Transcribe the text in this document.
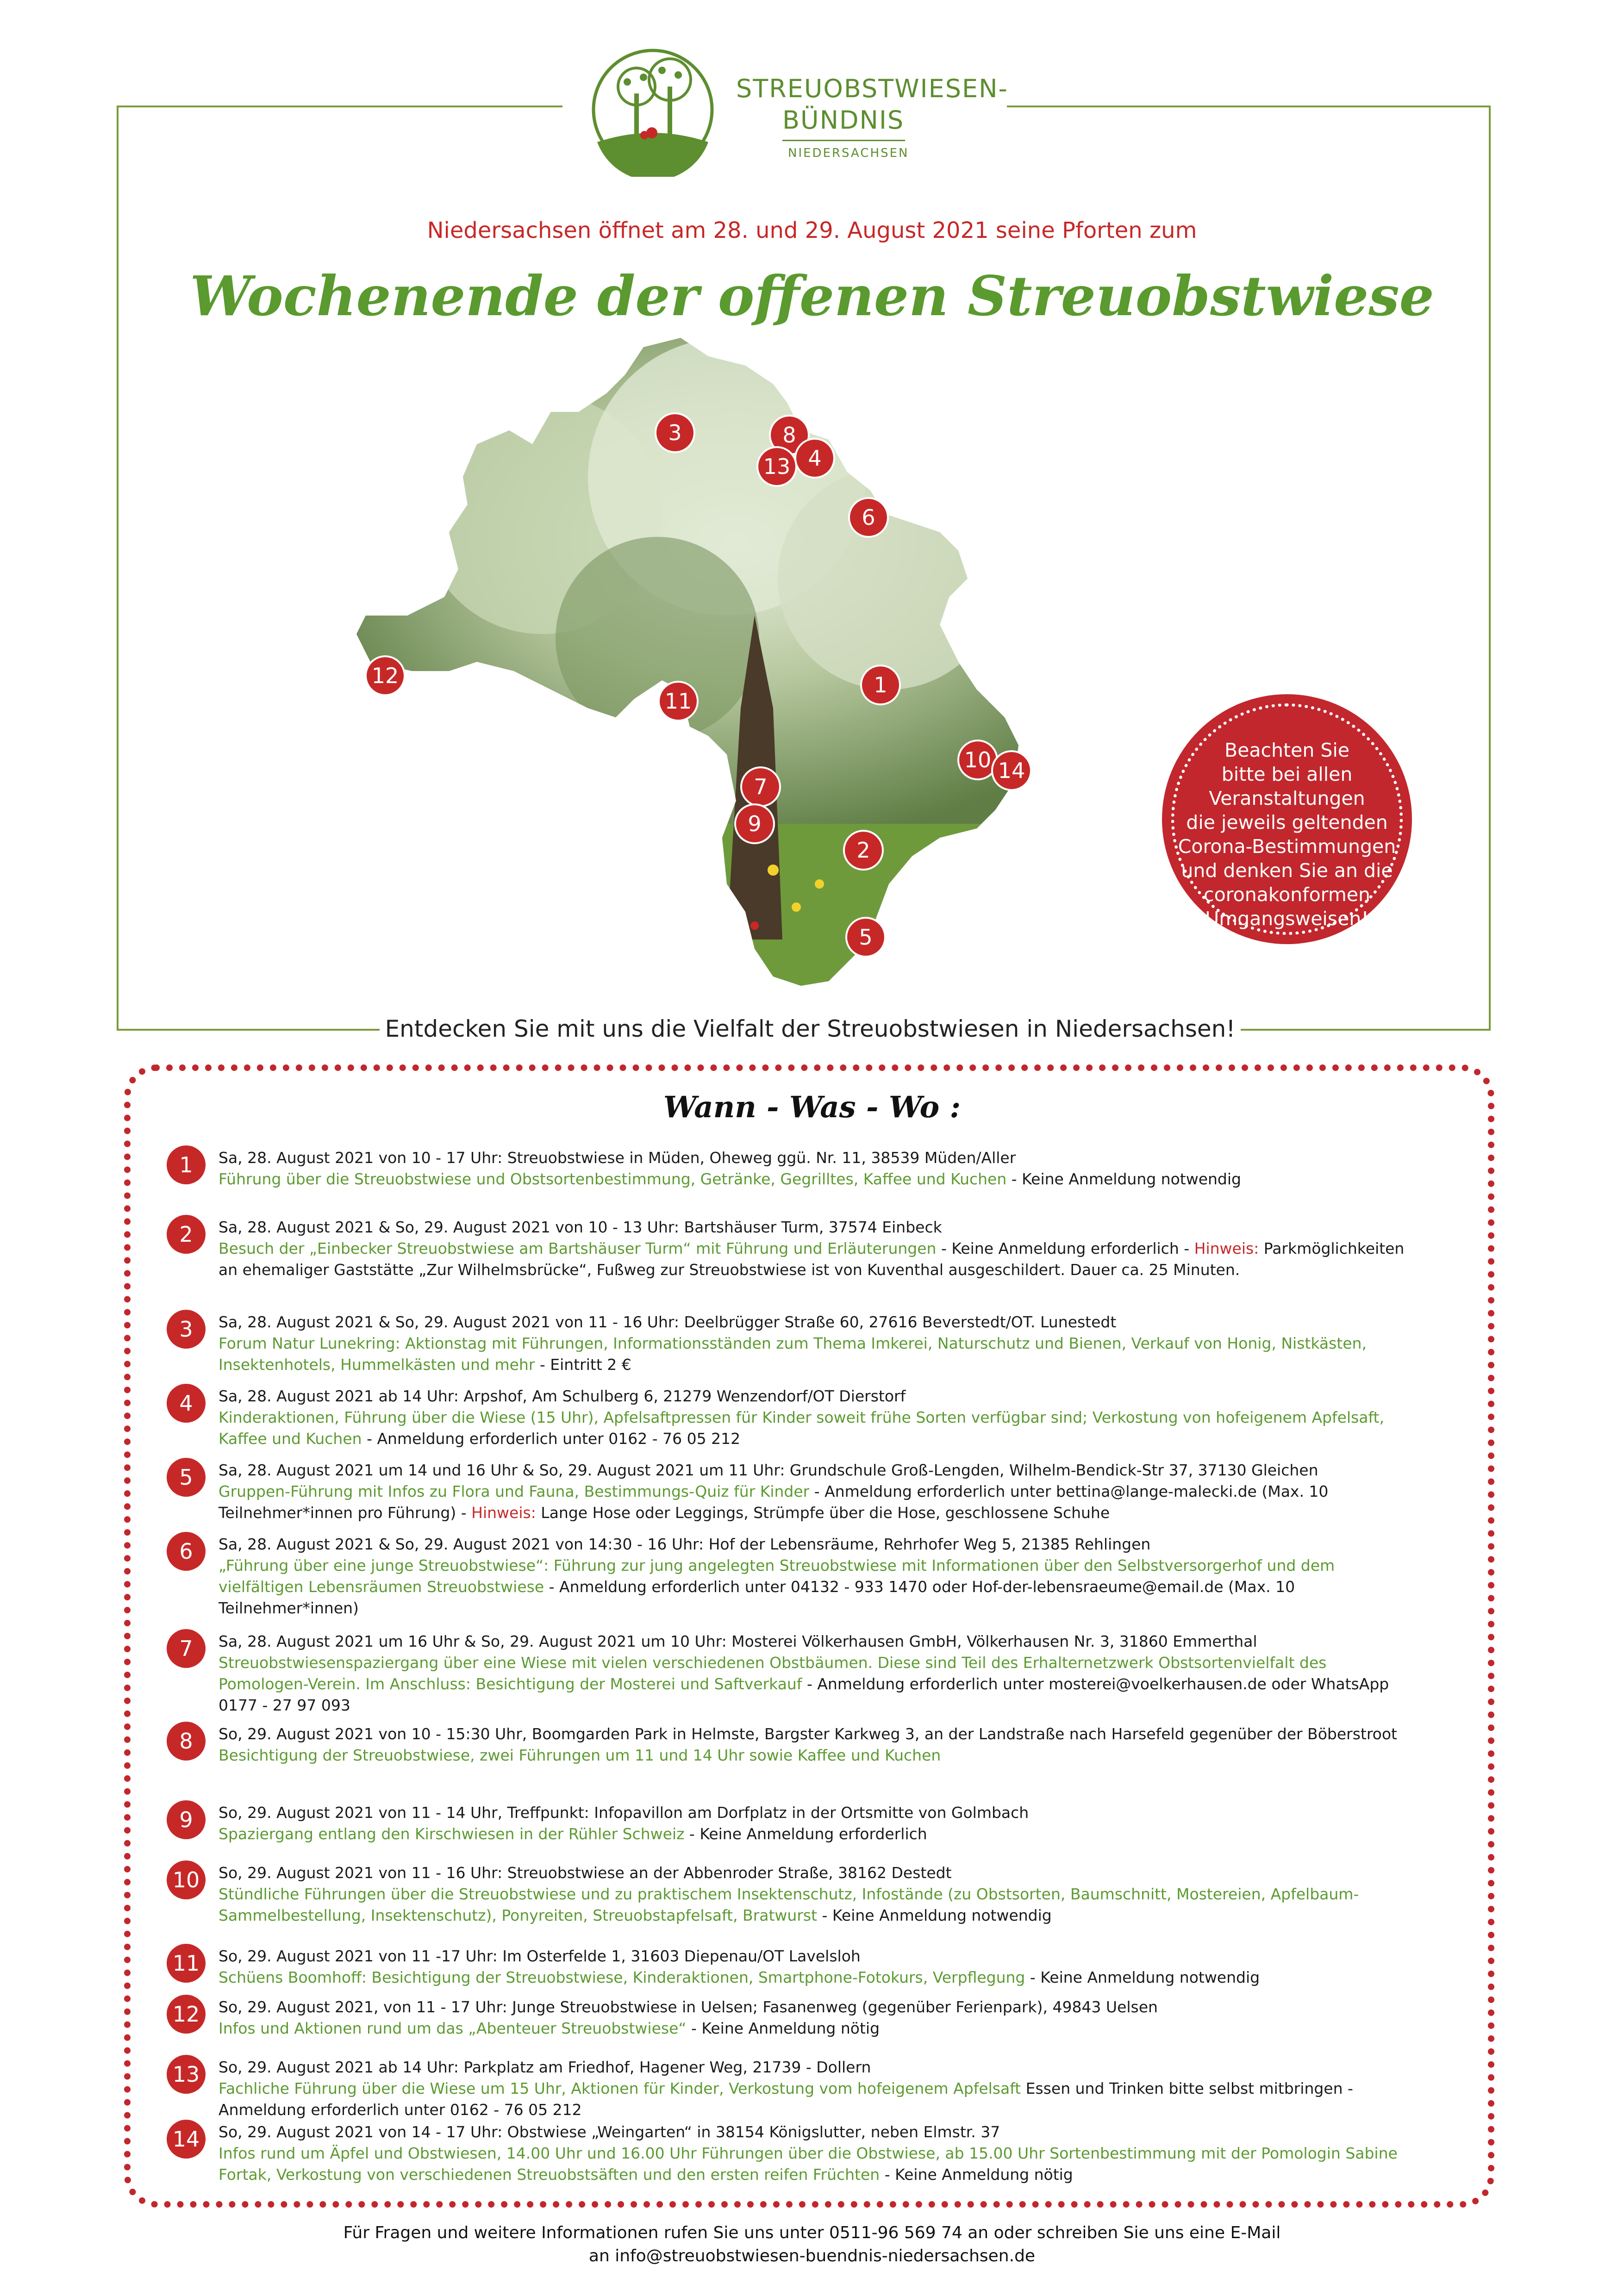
STREUOBSTWIESEN-
BÜNDNIS
NIEDERSACHSEN
Niedersachsen öffnet am 28. und 29. August 2021 seine Pforten zum
Wochenende der offenen Streuobstwiese
3	8
13 4
6
12
11
1
10 14
7
9
2
5
Beachten Sie
bitte bei allen
Veranstaltungen
die jeweils geltenden
Corona-Bestimmungen
und denken Sie an die
coronakonformen
Umgangsweisen!
Entdecken Sie mit uns die Vielfalt der Streuobstwiesen in Niedersachsen!
Wann - Was - Wo :
1	Sa, 28. August 2021 von 10 - 17 Uhr: Streuobstwiese in Müden, Oheweg ggü. Nr. 11, 38539 Müden/Aller
Führung über die Streuobstwiese und Obstsortenbestimmung, Getränke, Gegrilltes, Kaffee und Kuchen - Keine Anmeldung notwendig
2	Sa, 28. August 2021 & So, 29. August 2021 von 10 - 13 Uhr: Bartshäuser Turm, 37574 Einbeck
Besuch der „Einbecker Streuobstwiese am Bartshäuser Turm“ mit Führung und Erläuterungen - Keine Anmeldung erforderlich - Hinweis: Parkmöglichkeiten an ehemaliger Gaststätte „Zur Wilhelmsbrücke“, Fußweg zur Streuobstwiese ist von Kuventhal ausgeschildert. Dauer ca. 25 Minuten.
3	Sa, 28. August 2021 & So, 29. August 2021 von 11 - 16 Uhr: Deelbrügger Straße 60, 27616 Beverstedt/OT. Lunestedt
Forum Natur Lunekring: Aktionstag mit Führungen, Informationsständen zum Thema Imkerei, Naturschutz und Bienen, Verkauf von Honig, Nistkästen, Insektenhotels, Hummelkästen und mehr - Eintritt 2 €
4	Sa, 28. August 2021 ab 14 Uhr: Arpshof, Am Schulberg 6, 21279 Wenzendorf/OT Dierstorf
Kinderaktionen, Führung über die Wiese (15 Uhr), Apfelsaftpressen für Kinder soweit frühe Sorten verfügbar sind; Verkostung von hofeigenem Apfelsaft, Kaffee und Kuchen - Anmeldung erforderlich unter 0162 - 76 05 212
5	Sa, 28. August 2021 um 14 und 16 Uhr & So, 29. August 2021 um 11 Uhr: Grundschule Groß-Lengden, Wilhelm-Bendick-Str 37, 37130 Gleichen
Gruppen-Führung mit Infos zu Flora und Fauna, Bestimmungs-Quiz für Kinder - Anmeldung erforderlich unter bettina@lange-malecki.de (Max. 10 Teilnehmer*innen pro Führung) - Hinweis: Lange Hose oder Leggings, Strümpfe über die Hose, geschlossene Schuhe
6	Sa, 28. August 2021 & So, 29. August 2021 von 14:30 - 16 Uhr: Hof der Lebensräume, Rehrhofer Weg 5, 21385 Rehlingen
„Führung über eine junge Streuobstwiese“: Führung zur jung angelegten Streuobstwiese mit Informationen über den Selbstversorgerhof und dem vielfältigen Lebensräumen Streuobstwiese - Anmeldung erforderlich unter 04132 - 933 1470 oder Hof-der-lebensraeume@email.de (Max. 10 Teilnehmer*innen)
7	Sa, 28. August 2021 um 16 Uhr & So, 29. August 2021 um 10 Uhr: Mosterei Völkerhausen GmbH, Völkerhausen Nr. 3, 31860 Emmerthal
Streuobstwiesenspaziergang über eine Wiese mit vielen verschiedenen Obstbäumen. Diese sind Teil des Erhalternetzwerk Obstsortenvielfalt des Pomologen-Verein. Im Anschluss: Besichtigung der Mosterei und Saftverkauf - Anmeldung erforderlich unter mosterei@voelkerhausen.de oder WhatsApp 0177 - 27 97 093
8	So, 29. August 2021 von 10 - 15:30 Uhr, Boomgarden Park in Helmste, Bargster Karkweg 3, an der Landstraße nach Harsefeld gegenüber der Böberstroot
Besichtigung der Streuobstwiese, zwei Führungen um 11 und 14 Uhr sowie Kaffee und Kuchen
9	So, 29. August 2021 von 11 - 14 Uhr, Treffpunkt: Infopavillon am Dorfplatz in der Ortsmitte von Golmbach
Spaziergang entlang den Kirschwiesen in der Rühler Schweiz - Keine Anmeldung erforderlich
10	So, 29. August 2021 von 11 - 16 Uhr: Streuobstwiese an der Abbenroder Straße, 38162 Destedt
Stündliche Führungen über die Streuobstwiese und zu praktischem Insektenschutz, Infostände (zu Obstsorten, Baumschnitt, Mostereien, Apfelbaum-Sammelbestellung, Insektenschutz), Ponyreiten, Streuobstapfelsaft, Bratwurst - Keine Anmeldung notwendig
11	So, 29. August 2021 von 11 -17 Uhr: Im Osterfelde 1, 31603 Diepenau/OT Lavelsloh
Schüens Boomhoff: Besichtigung der Streuobstwiese, Kinderaktionen, Smartphone-Fotokurs, Verpflegung - Keine Anmeldung notwendig
12	So, 29. August 2021, von 11 - 17 Uhr: Junge Streuobstwiese in Uelsen; Fasanenweg (gegenüber Ferienpark), 49843 Uelsen
Infos und Aktionen rund um das „Abenteuer Streuobstwiese“ - Keine Anmeldung nötig
13	So, 29. August 2021 ab 14 Uhr: Parkplatz am Friedhof, Hagener Weg, 21739 - Dollern
Fachliche Führung über die Wiese um 15 Uhr, Aktionen für Kinder, Verkostung vom hofeigenem Apfelsaft Essen und Trinken bitte selbst mitbringen - Anmeldung erforderlich unter 0162 - 76 05 212
14	So, 29. August 2021 von 14 - 17 Uhr: Obstwiese „Weingarten“ in 38154 Königslutter, neben Elmstr. 37
Infos rund um Äpfel und Obstwiesen, 14.00 Uhr und 16.00 Uhr Führungen über die Obstwiese, ab 15.00 Uhr Sortenbestimmung mit der Pomologin Sabine Fortak, Verkostung von verschiedenen Streuobstsäften und den ersten reifen Früchten - Keine Anmeldung nötig
Für Fragen und weitere Informationen rufen Sie uns unter 0511-96 569 74 an oder schreiben Sie uns eine E-Mail
an info@streuobstwiesen-buendnis-niedersachsen.de
